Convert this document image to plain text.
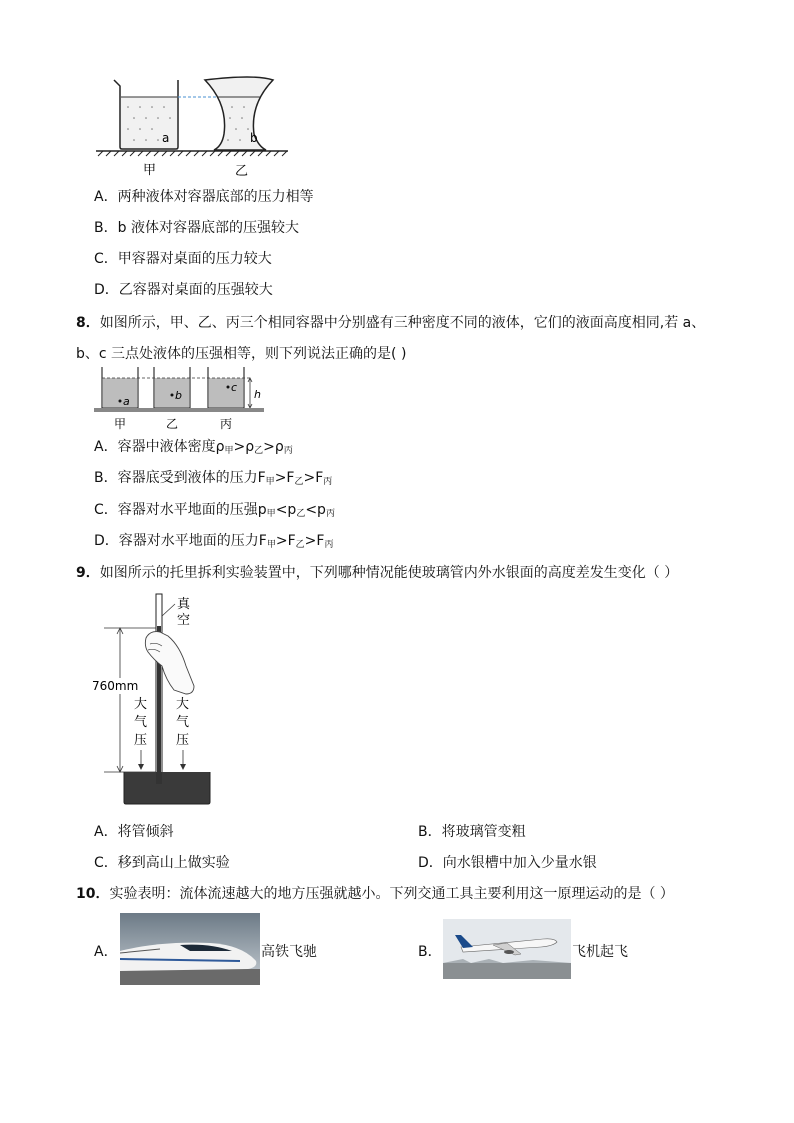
a	b
甲	乙
A．两种液体对容器底部的压力相等
B．b 液体对容器底部的压强较大
C．甲容器对桌面的压力较大
D．乙容器对桌面的压强较大
8．如图所示，甲、乙、丙三个相同容器中分别盛有三种密度不同的液体，它们的液面高度相同,若 a、
b、c 三点处液体的压强相等，则下列说法正确的是( )
a	b
c
h
甲	乙	丙
A．容器中液体密度$\rho_甲>\rho_乙>\rho_丙$
B．容器底受到液体的压力$F_甲>F_乙>F_丙$
C．容器对水平地面的压强$p_甲<p_乙<p_丙$
D．容器对水平地面的压力$F_甲>F_乙>F_丙$
9．如图所示的托里拆利实验装置中，下列哪种情况能使玻璃管内外水银面的高度差发生变化（ ）
真
空
760mm
大
气
压
大
气
压
A．将管倾斜	B．将玻璃管变粗
C．移到高山上做实验	D．向水银槽中加入少量水银
10．实验表明：流体流速越大的地方压强就越小。下列交通工具主要利用这一原理运动的是（ ）
A．	高铁飞驰	B．	飞机起飞
